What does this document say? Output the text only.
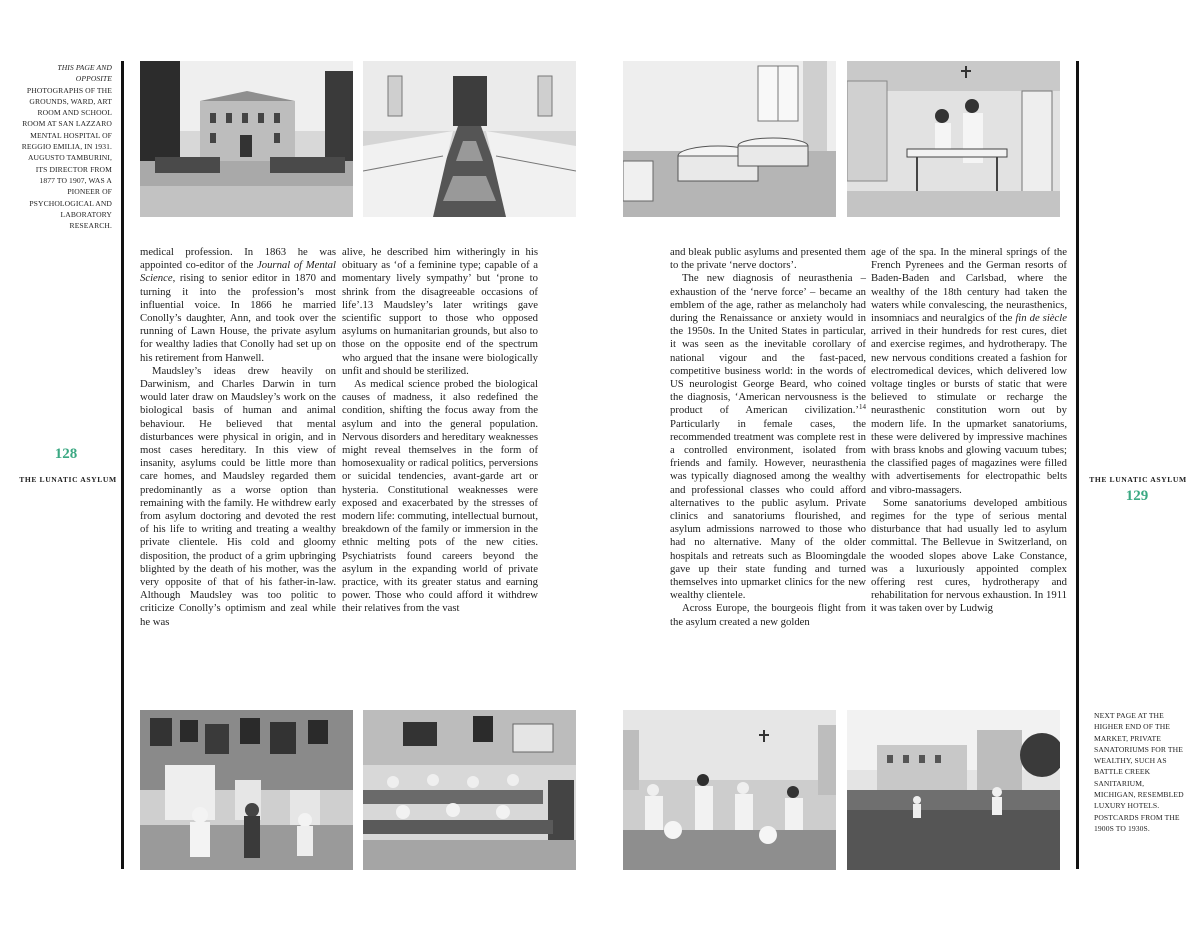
THIS PAGE AND OPPOSITE PHOTOGRAPHS OF THE GROUNDS, WARD, ART ROOM AND SCHOOL ROOM AT SAN LAZZARO MENTAL HOSPITAL OF REGGIO EMILIA, IN 1931. AUGUSTO TAMBURINI, ITS DIRECTOR FROM 1877 TO 1907, WAS A PIONEER OF PSYCHOLOGICAL AND LABORATORY RESEARCH.
128
THE LUNATIC ASYLUM

medical profession. In 1863 he was appointed co-editor of the Journal of Mental Science, rising to senior editor in 1870 and turning it into the profession’s most influential voice. In 1866 he married Conolly’s daughter, Ann, and took over the running of Lawn House, the private asylum for wealthy ladies that Conolly had set up on his retirement from Hanwell.

Maudsley’s ideas drew heavily on Darwinism, and Charles Darwin in turn would later draw on Maudsley’s work on the biological basis of human and animal behaviour. He believed that mental disturbances were physical in origin, and in most cases hereditary. In this view of insanity, asylums could be little more than care homes, and Maudsley regarded them predominantly as a worse option than remaining with the family. He withdrew early from asylum doctoring and devoted the rest of his life to writing and treating a wealthy private clientele. His cold and gloomy disposition, the product of a grim upbringing blighted by the death of his mother, was the very opposite of that of his father-in-law. Although Maudsley was too politic to criticize Conolly’s optimism and zeal while he was

alive, he described him witheringly in his obituary as ‘of a feminine type; capable of a momentary lively sympathy’ but ‘prone to shrink from the disagreeable occasions of life’.13 Maudsley’s later writings gave scientific support to those who opposed asylums on humanitarian grounds, but also to those on the opposite end of the spectrum who argued that the insane were biologically unfit and should be sterilized.

As medical science probed the biological causes of madness, it also redefined the condition, shifting the focus away from the asylum and into the general population. Nervous disorders and hereditary weaknesses might reveal themselves in the form of homosexuality or radical politics, perversions or suicidal tendencies, avant-garde art or hysteria. Constitutional weaknesses were exposed and exacerbated by the stresses of modern life: commuting, intellectual burnout, breakdown of the family or immersion in the ethnic melting pots of the new cities. Psychiatrists found careers beyond the asylum in the expanding world of private practice, with its greater status and earning power. Those who could afford it withdrew their relatives from the vast

and bleak public asylums and presented them to the private ‘nerve doctors’.

The new diagnosis of neurasthenia – exhaustion of the ‘nerve force’ – became an emblem of the age, rather as melancholy had during the Renaissance or anxiety would in the 1950s. In the United States in particular, it was seen as the inevitable corollary of national vigour and the fast-paced, competitive business world: in the words of US neurologist George Beard, who coined the diagnosis, ‘American nervousness is the product of American civilization.’$^{14}$ Particularly in female cases, the recommended treatment was complete rest in a controlled environment, isolated from friends and family. However, neurasthenia was typically diagnosed among the wealthy and professional classes who could afford alternatives to the public asylum. Private clinics and sanatoriums flourished, and asylum admissions narrowed to those who had no alternative. Many of the older hospitals and retreats such as Bloomingdale gave up their state funding and turned themselves into upmarket clinics for the new wealthy clientele.

Across Europe, the bourgeois flight from the asylum created a new golden

age of the spa. In the mineral springs of the French Pyrenees and the German resorts of Baden-Baden and Carlsbad, where the wealthy of the 18th century had taken the waters while convalescing, the neurasthenics, insomniacs and neuralgics of the fin de siècle arrived in their hundreds for rest cures, diet and exercise regimes, and hydrotherapy. The new nervous conditions created a fashion for electromedical devices, which delivered low voltage tingles or bursts of static that were believed to stimulate or recharge the neurasthenic constitution worn out by modern life. In the upmarket sanatoriums, these were delivered by impressive machines with brass knobs and glowing vacuum tubes; the classified pages of magazines were filled with advertisements for electropathic belts and vibro-massagers.

Some sanatoriums developed ambitious regimes for the type of serious mental disturbance that had usually led to asylum committal. The Bellevue in Switzerland, on the wooded slopes above Lake Constance, was a luxuriously appointed complex offering rest cures, hydrotherapy and rehabilitation for nervous exhaustion. In 1911 it was taken over by Ludwig

THE LUNATIC ASYLUM
129
NEXT PAGE AT THE HIGHER END OF THE MARKET, PRIVATE SANATORIUMS FOR THE WEALTHY, SUCH AS BATTLE CREEK SANITARIUM, MICHIGAN, RESEMBLED LUXURY HOTELS. POSTCARDS FROM THE 1900S TO 1930S.
